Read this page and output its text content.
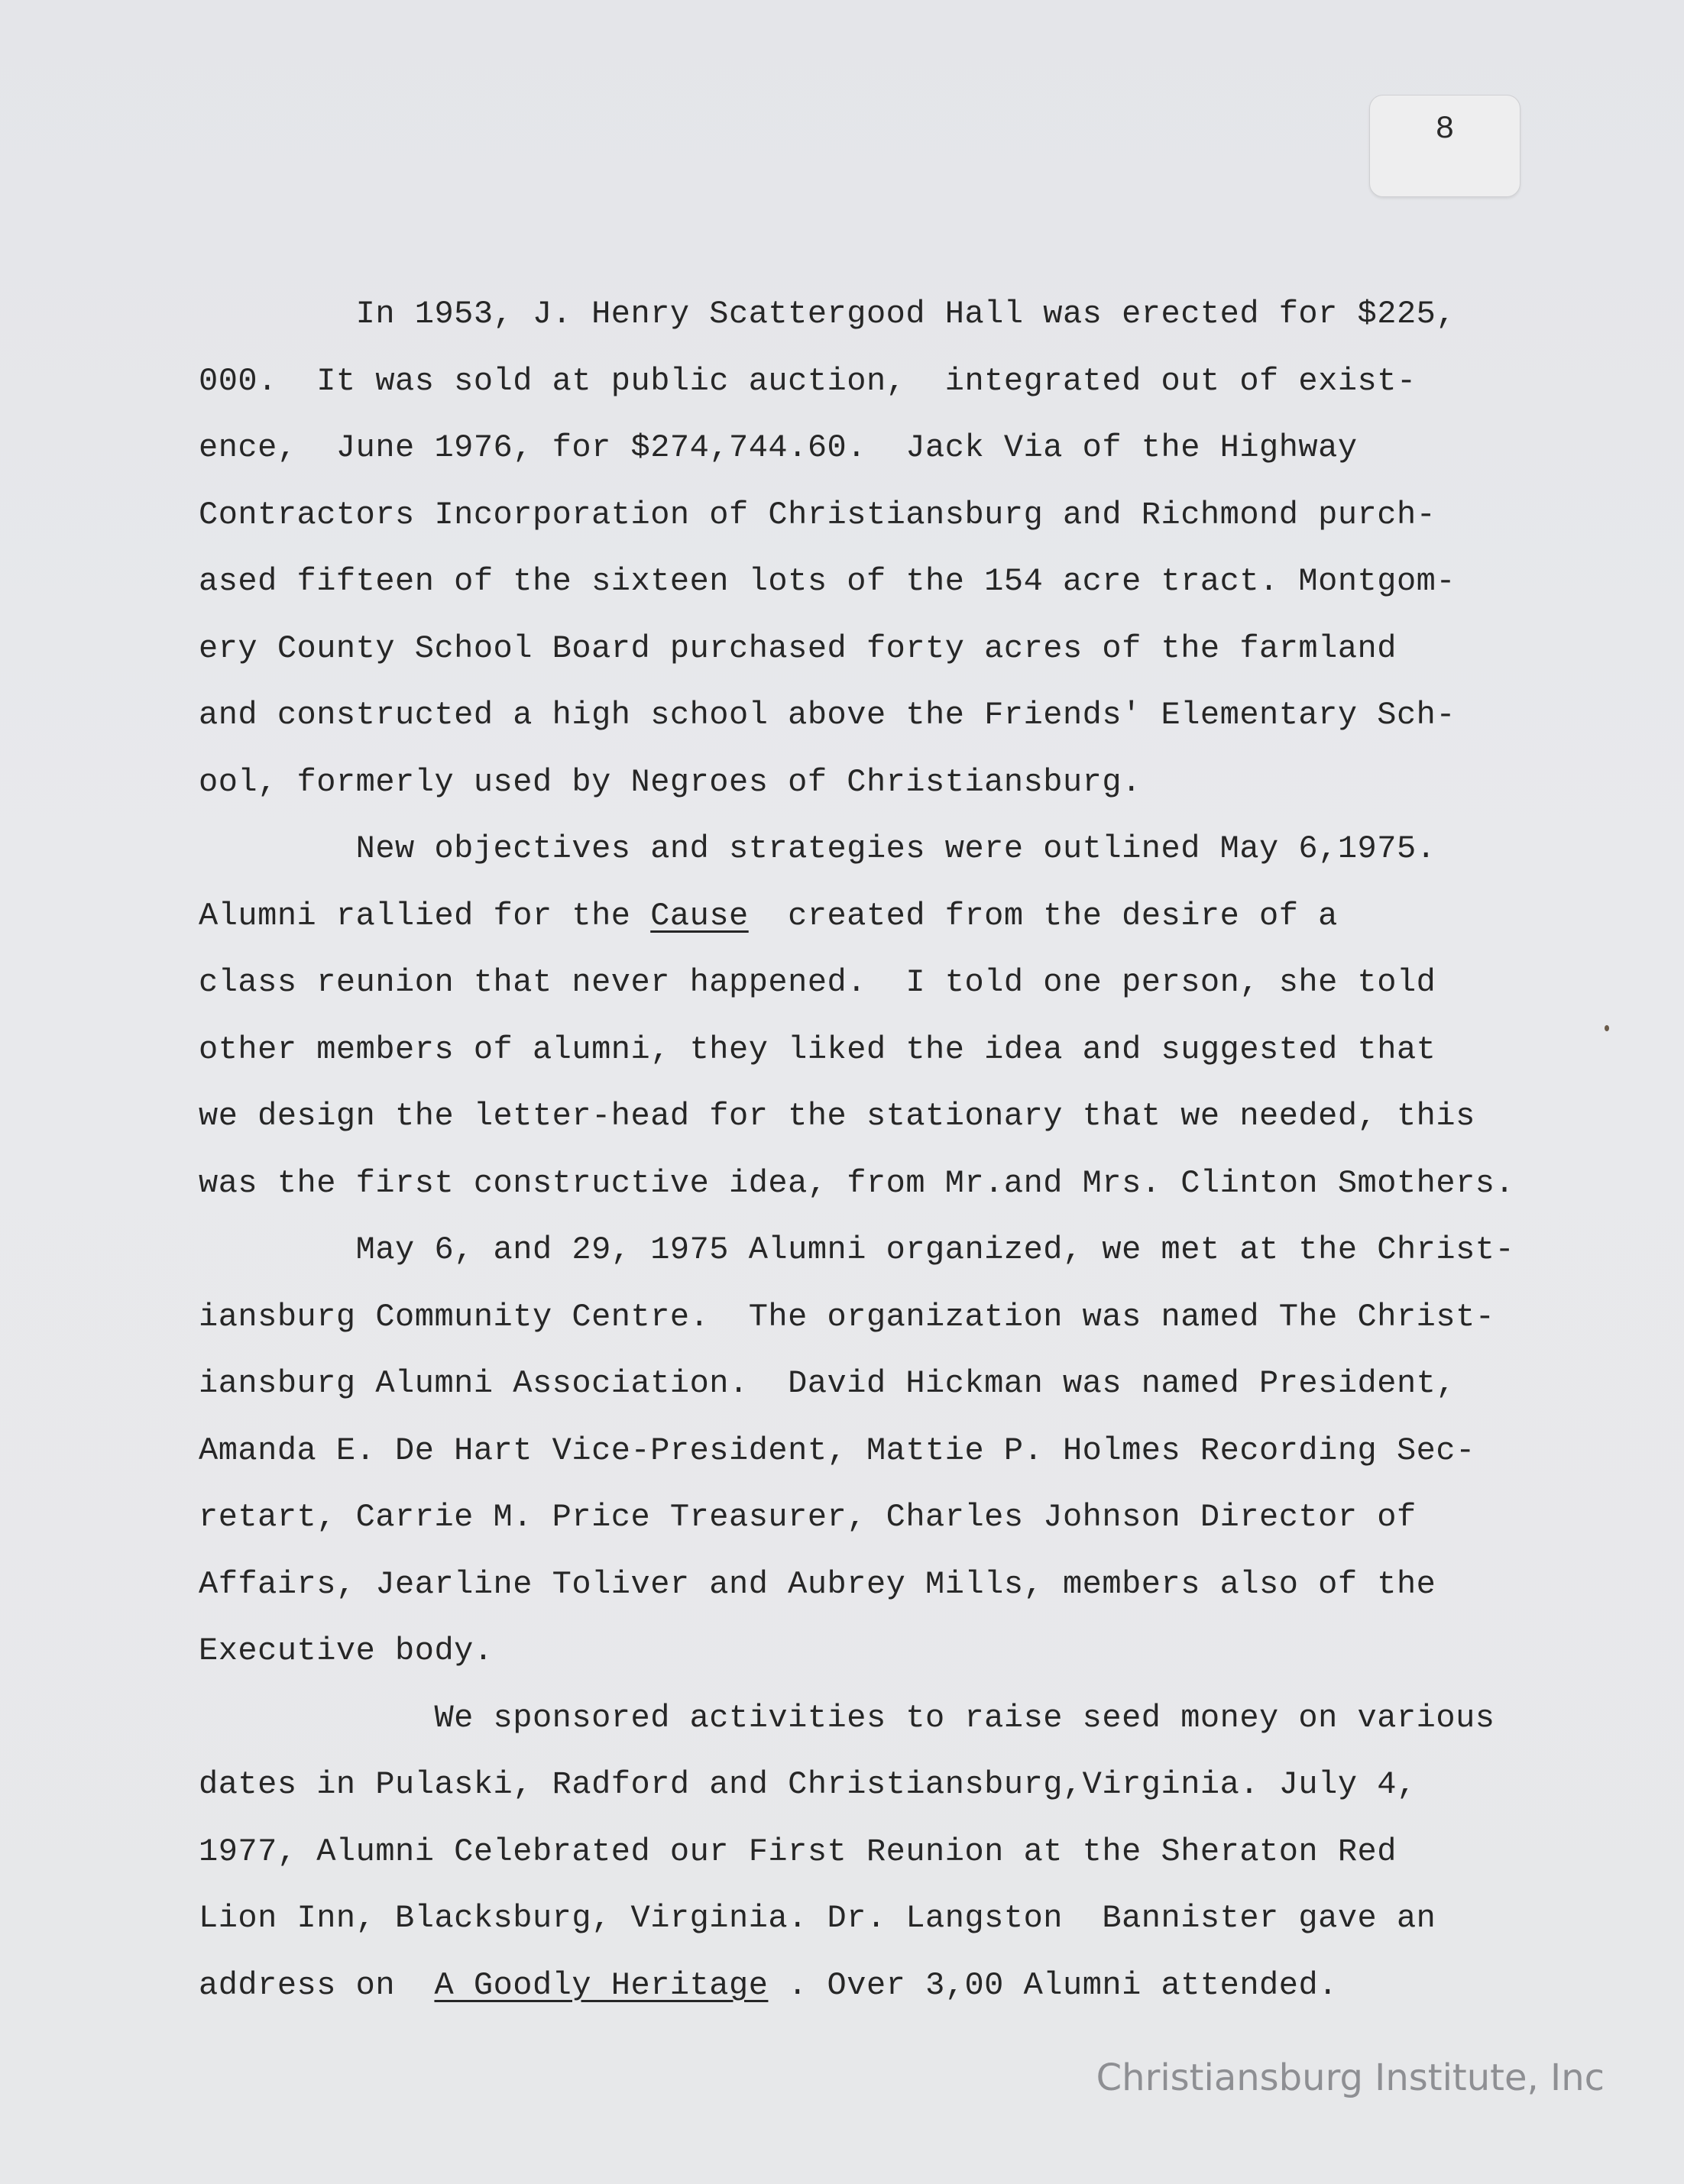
8
In 1953, J. Henry Scattergood Hall was erected for $225,
000.  It was sold at public auction,  integrated out of exist-
ence,  June 1976, for $274,744.60.  Jack Via of the Highway
Contractors Incorporation of Christiansburg and Richmond purch-
ased fifteen of the sixteen lots of the 154 acre tract. Montgom-
ery County School Board purchased forty acres of the farmland
and constructed a high school above the Friends' Elementary Sch-
ool, formerly used by Negroes of Christiansburg.
New objectives and strategies were outlined May 6,1975.
Alumni rallied for the Cause  created from the desire of a
class reunion that never happened.  I told one person, she told
other members of alumni, they liked the idea and suggested that
we design the letter-head for the stationary that we needed, this
was the first constructive idea, from Mr.and Mrs. Clinton Smothers.
May 6, and 29, 1975 Alumni organized, we met at the Christ-
iansburg Community Centre.  The organization was named The Christ-
iansburg Alumni Association.  David Hickman was named President,
Amanda E. De Hart Vice-President, Mattie P. Holmes Recording Sec-
retart, Carrie M. Price Treasurer, Charles Johnson Director of
Affairs, Jearline Toliver and Aubrey Mills, members also of the
Executive body.
We sponsored activities to raise seed money on various
dates in Pulaski, Radford and Christiansburg,Virginia. July 4,
1977, Alumni Celebrated our First Reunion at the Sheraton Red
Lion Inn, Blacksburg, Virginia. Dr. Langston  Bannister gave an
address on  A Goodly Heritage . Over 3,00 Alumni attended.
Christiansburg Institute, Inc
